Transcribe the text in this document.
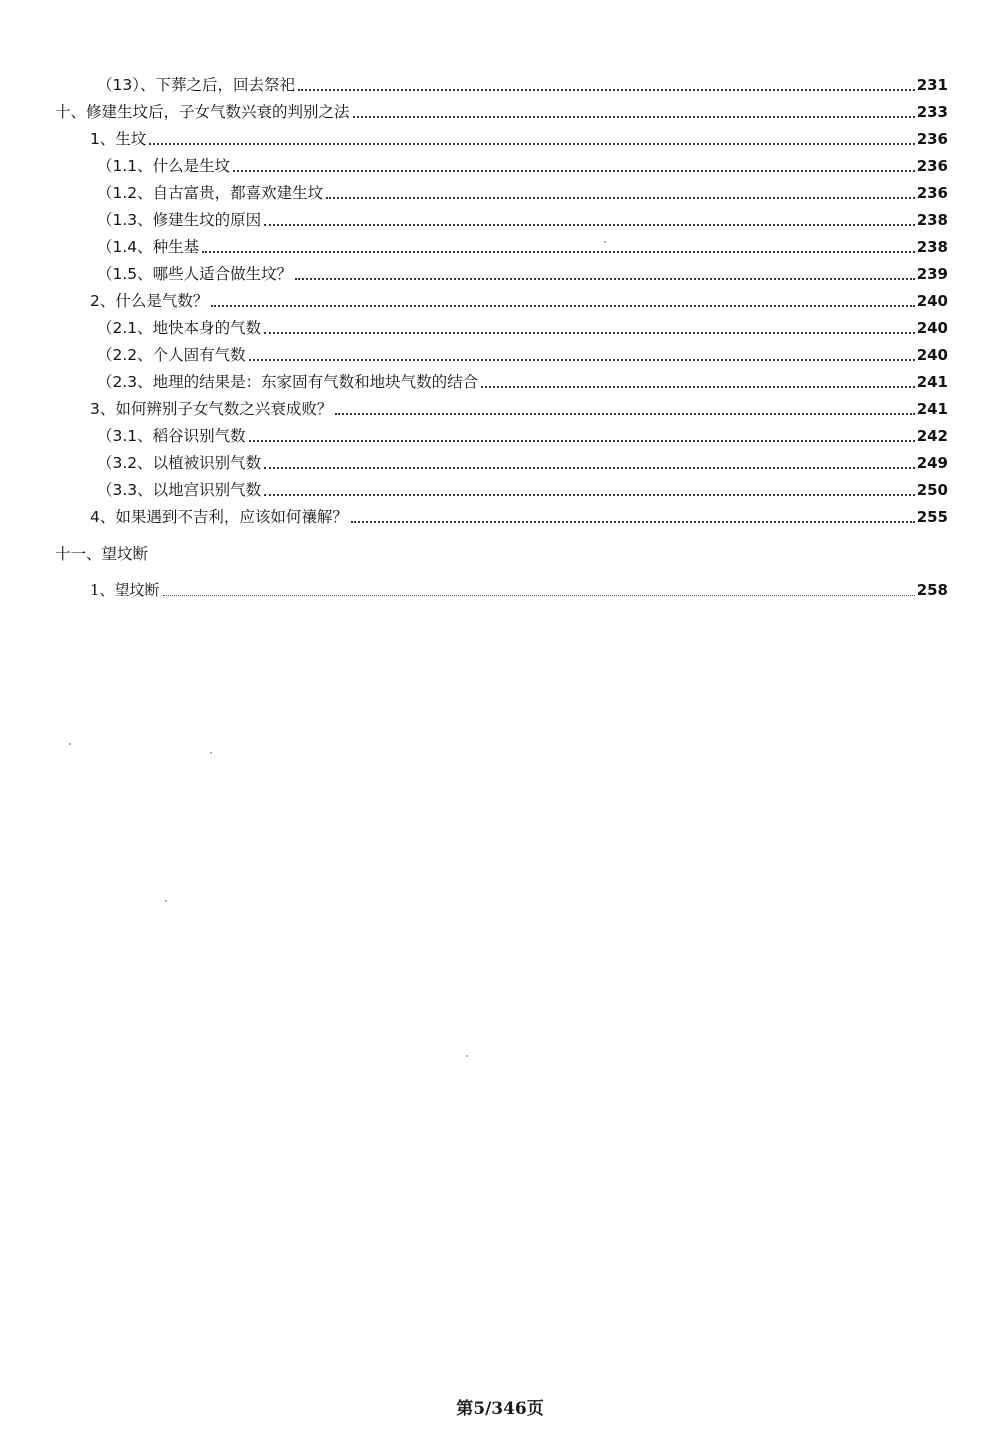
（13）、下葬之后，回去祭祀	231
十、修建生坟后，子女气数兴衰的判别之法	233
1、生坟	236
（1.1、什么是生坟	236
（1.2、自古富贵，都喜欢建生坟	236
（1.3、修建生坟的原因	238
（1.4、种生基	238
（1.5、哪些人适合做生坟？	239
2、什么是气数？	240
（2.1、地快本身的气数	240
（2.2、个人固有气数	240
（2.3、地理的结果是：东家固有气数和地块气数的结合	241
3、如何辨别子女气数之兴衰成败？	241
（3.1、稻谷识别气数	242
（3.2、以植被识别气数	249
（3.3、以地宫识别气数	250
4、如果遇到不吉利，应该如何禳解？	255
十一、望坟断
1、望坟断	258
第5/346页
